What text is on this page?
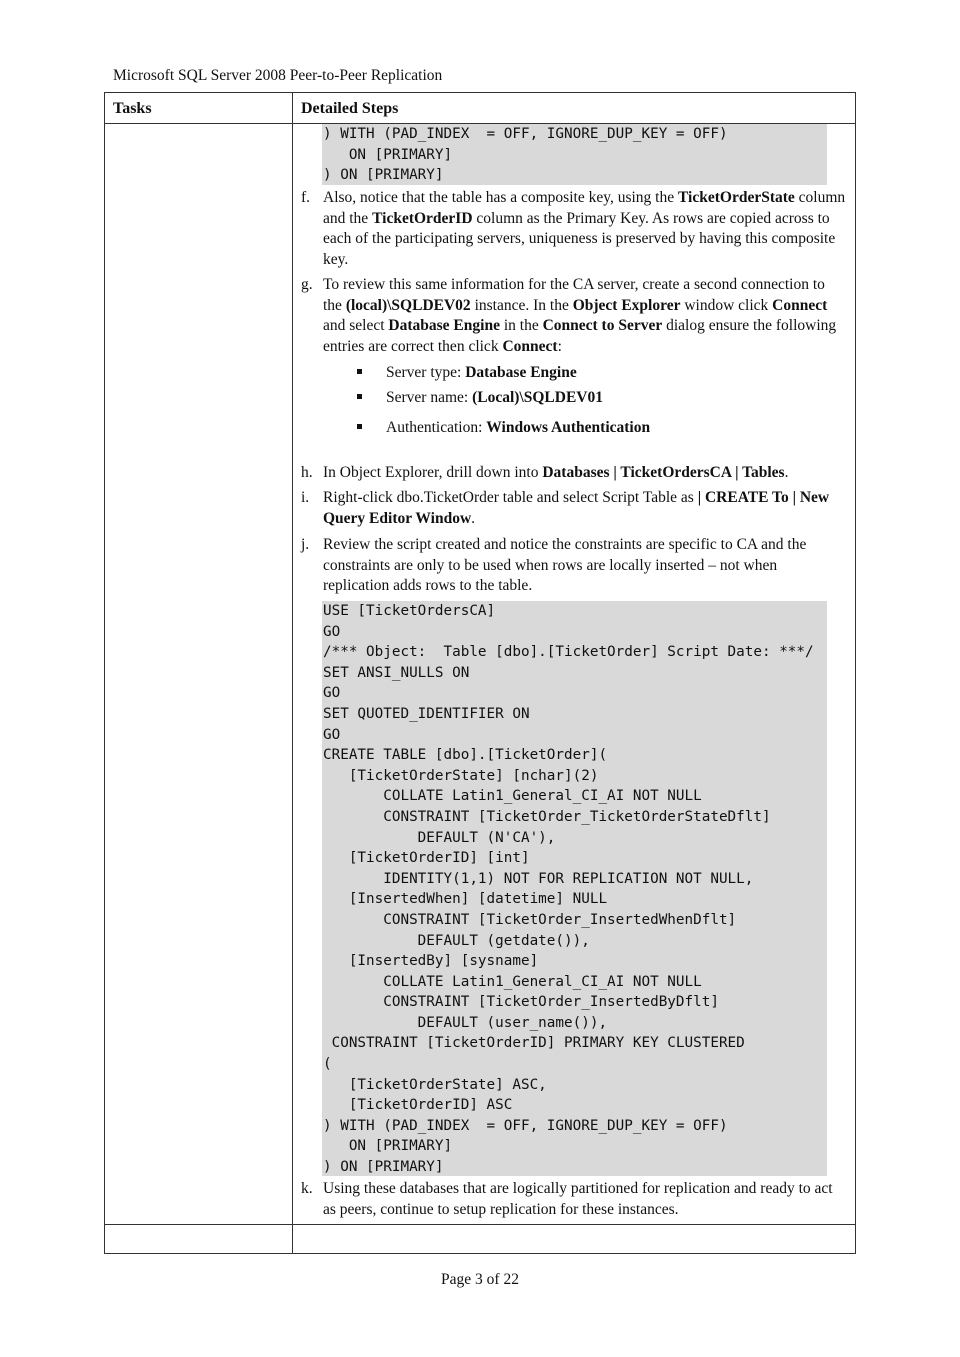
Microsoft SQL Server 2008 Peer-to-Peer Replication
Tasks	Detailed Steps
) WITH (PAD_INDEX  = OFF, IGNORE_DUP_KEY = OFF)
ON [PRIMARY]
) ON [PRIMARY]
f. Also, notice that the table has a composite key, using the TicketOrderState column and the TicketOrderID column as the Primary Key. As rows are copied across to each of the participating servers, uniqueness is preserved by having this composite key.
g. To review this same information for the CA server, create a second connection to the (local)\SQLDEV02 instance. In the Object Explorer window click Connect and select Database Engine in the Connect to Server dialog ensure the following entries are correct then click Connect:
Server type: Database Engine
Server name: (Local)\SQLDEV01
Authentication: Windows Authentication
h. In Object Explorer, drill down into Databases | TicketOrdersCA | Tables.
i. Right-click dbo.TicketOrder table and select Script Table as | CREATE To | New Query Editor Window.
j. Review the script created and notice the constraints are specific to CA and the constraints are only to be used when rows are locally inserted – not when replication adds rows to the table.
USE [TicketOrdersCA]
GO
/*** Object:  Table [dbo].[TicketOrder] Script Date: ***/
SET ANSI_NULLS ON
GO
SET QUOTED_IDENTIFIER ON
GO
CREATE TABLE [dbo].[TicketOrder](
[TicketOrderState] [nchar](2)
COLLATE Latin1_General_CI_AI NOT NULL
CONSTRAINT [TicketOrder_TicketOrderStateDflt]
DEFAULT (N'CA'),
[TicketOrderID] [int]
IDENTITY(1,1) NOT FOR REPLICATION NOT NULL,
[InsertedWhen] [datetime] NULL
CONSTRAINT [TicketOrder_InsertedWhenDflt]
DEFAULT (getdate()),
[InsertedBy] [sysname]
COLLATE Latin1_General_CI_AI NOT NULL
CONSTRAINT [TicketOrder_InsertedByDflt]
DEFAULT (user_name()),
CONSTRAINT [TicketOrderID] PRIMARY KEY CLUSTERED
(
[TicketOrderState] ASC,
[TicketOrderID] ASC
) WITH (PAD_INDEX  = OFF, IGNORE_DUP_KEY = OFF)
ON [PRIMARY]
) ON [PRIMARY]
k. Using these databases that are logically partitioned for replication and ready to act as peers, continue to setup replication for these instances.
Page 3 of 22
